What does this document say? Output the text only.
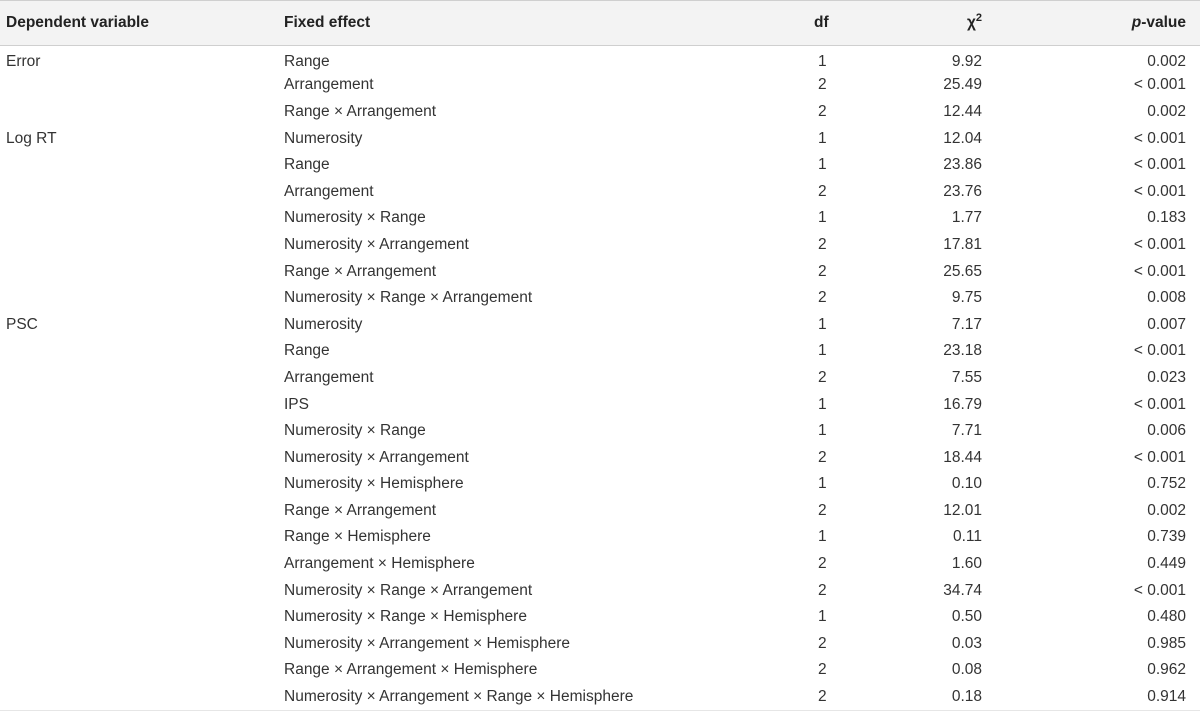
Dependent variable	Fixed effect	df	$\chi^2$	p-value
Error	Range	1	9.92	0.002
	Arrangement	2	25.49	< 0.001
	Range × Arrangement	2	12.44	0.002
Log RT	Numerosity	1	12.04	< 0.001
	Range	1	23.86	< 0.001
	Arrangement	2	23.76	< 0.001
	Numerosity × Range	1	1.77	0.183
	Numerosity × Arrangement	2	17.81	< 0.001
	Range × Arrangement	2	25.65	< 0.001
	Numerosity × Range × Arrangement	2	9.75	0.008
PSC	Numerosity	1	7.17	0.007
	Range	1	23.18	< 0.001
	Arrangement	2	7.55	0.023
	IPS	1	16.79	< 0.001
	Numerosity × Range	1	7.71	0.006
	Numerosity × Arrangement	2	18.44	< 0.001
	Numerosity × Hemisphere	1	0.10	0.752
	Range × Arrangement	2	12.01	0.002
	Range × Hemisphere	1	0.11	0.739
	Arrangement × Hemisphere	2	1.60	0.449
	Numerosity × Range × Arrangement	2	34.74	< 0.001
	Numerosity × Range × Hemisphere	1	0.50	0.480
	Numerosity × Arrangement × Hemisphere	2	0.03	0.985
	Range × Arrangement × Hemisphere	2	0.08	0.962
	Numerosity × Arrangement × Range × Hemisphere	2	0.18	0.914
